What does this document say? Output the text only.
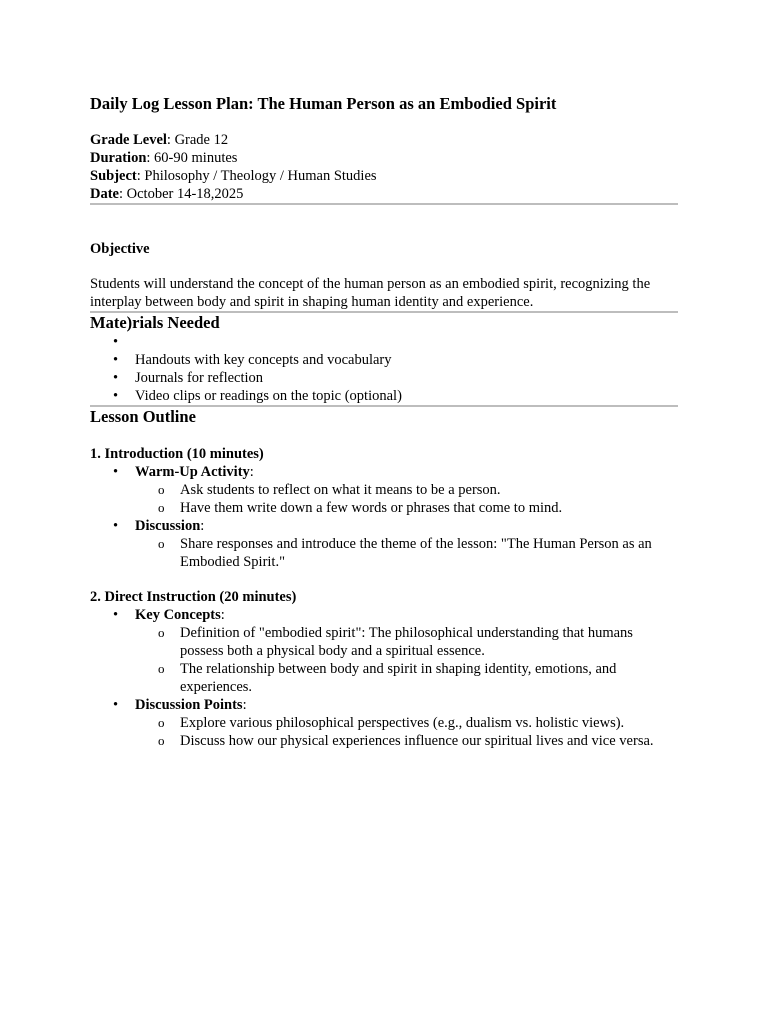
Daily Log Lesson Plan: The Human Person as an Embodied Spirit
Grade Level: Grade 12
Duration: 60-90 minutes
Subject: Philosophy / Theology / Human Studies
Date: October 14-18,2025
Objective
Students will understand the concept of the human person as an embodied spirit, recognizing the interplay between body and spirit in shaping human identity and experience.
Mate)rials Needed
•
• Handouts with key concepts and vocabulary
• Journals for reflection
• Video clips or readings on the topic (optional)
Lesson Outline
1. Introduction (10 minutes)
• Warm-Up Activity:
o Ask students to reflect on what it means to be a person.
o Have them write down a few words or phrases that come to mind.
• Discussion:
o Share responses and introduce the theme of the lesson: "The Human Person as an Embodied Spirit."
2. Direct Instruction (20 minutes)
• Key Concepts:
o Definition of "embodied spirit": The philosophical understanding that humans possess both a physical body and a spiritual essence.
o The relationship between body and spirit in shaping identity, emotions, and experiences.
• Discussion Points:
o Explore various philosophical perspectives (e.g., dualism vs. holistic views).
o Discuss how our physical experiences influence our spiritual lives and vice versa.
